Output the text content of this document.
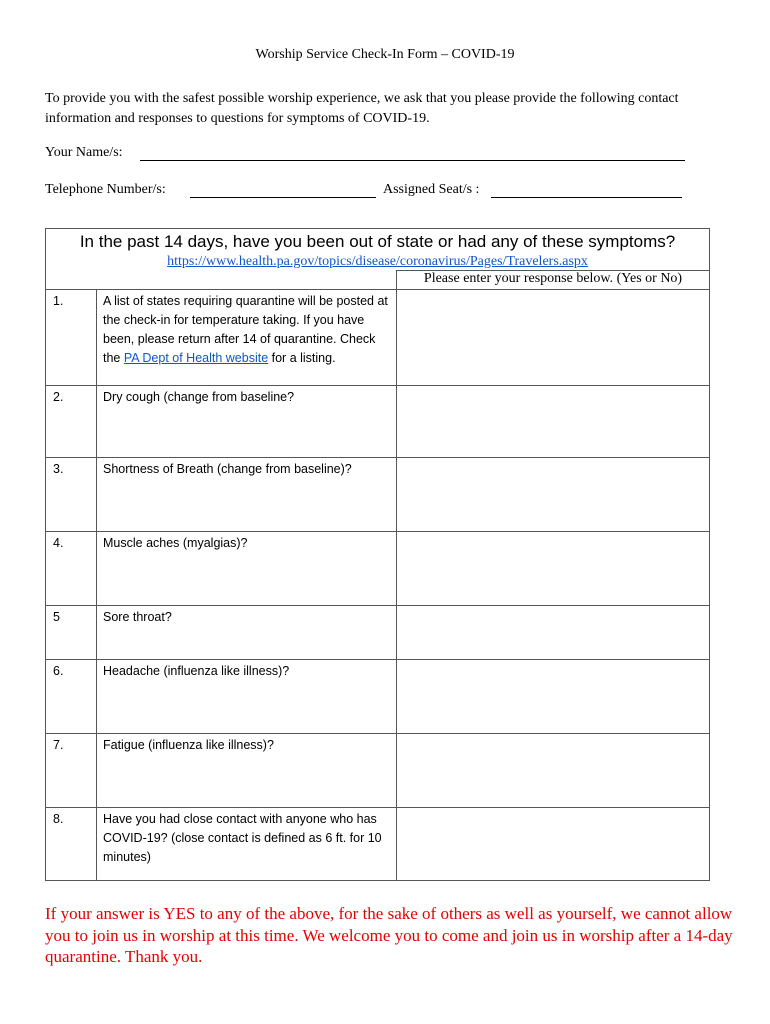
Worship Service Check-In Form – COVID-19
To provide you with the safest possible worship experience, we ask that you please provide the following contact information and responses to questions for symptoms of COVID-19.
Your Name/s:
Telephone Number/s:	Assigned Seat/s :
In the past 14 days, have you been out of state or had any of these symptoms?
https://www.health.pa.gov/topics/disease/coronavirus/Pages/Travelers.aspx		
		Please enter your response below. (Yes or No)
1.	A list of states requiring quarantine will be posted at the check-in for temperature taking. If you have been, please return after 14 of quarantine. Check the PA Dept of Health website for a listing.	
2.	Dry cough (change from baseline?	
3.	Shortness of Breath (change from baseline)?	
4.	Muscle aches (myalgias)?	
5	Sore throat?	
6.	Headache (influenza like illness)?	
7.	Fatigue (influenza like illness)?	
8.	Have you had close contact with anyone who has COVID-19? (close contact is defined as 6 ft. for 10 minutes)	
If your answer is YES to any of the above, for the sake of others as well as yourself, we cannot allow you to join us in worship at this time. We welcome you to come and join us in worship after a 14-day quarantine. Thank you.
